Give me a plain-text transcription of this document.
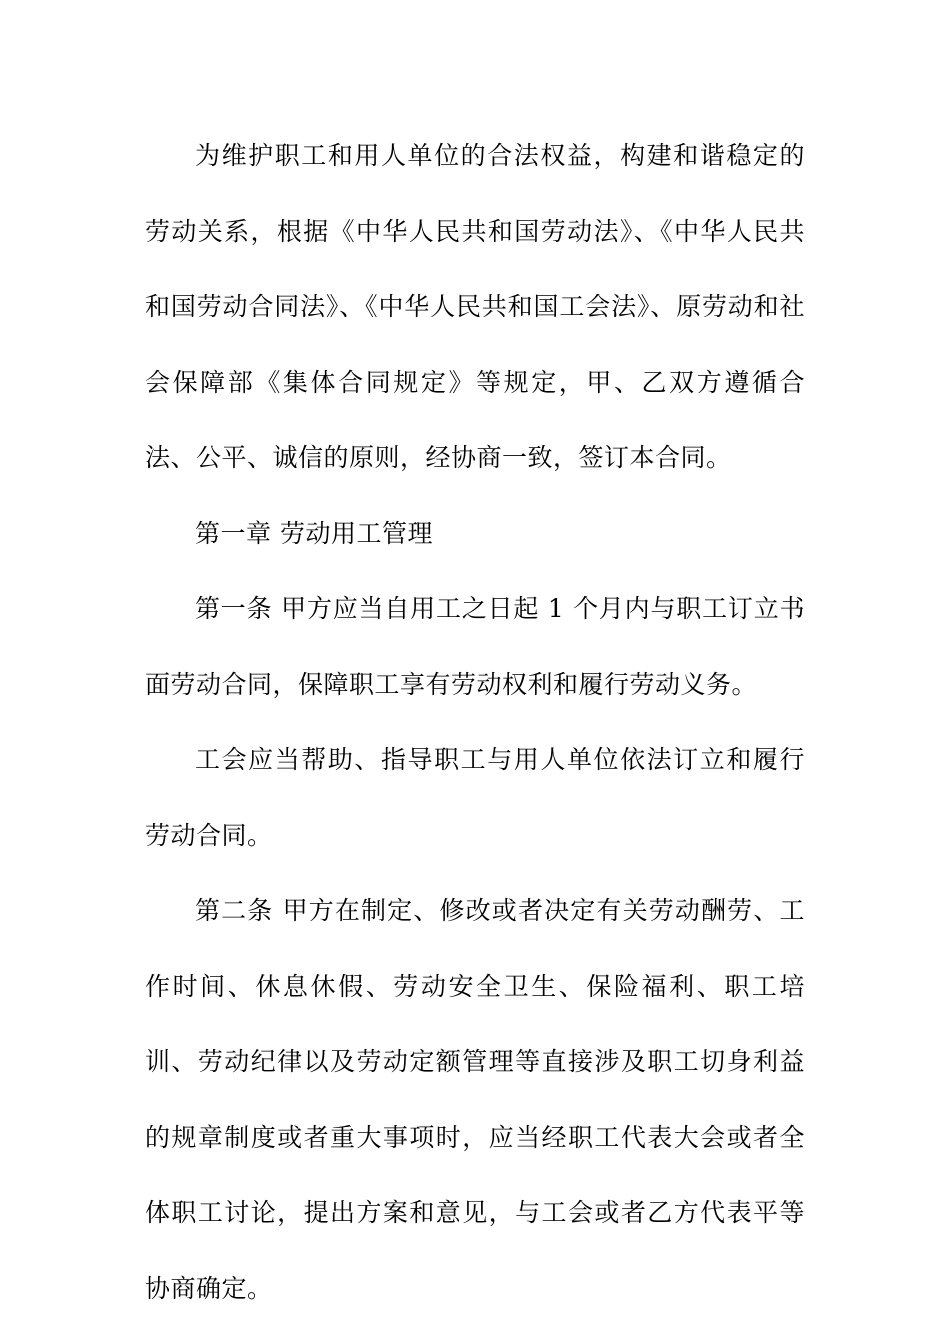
为维护职工和用人单位的合法权益，构建和谐稳定的劳动关系，根据《中华人民共和国劳动法》、《中华人民共和国劳动合同法》、《中华人民共和国工会法》、原劳动和社会保障部《集体合同规定》等规定，甲、乙双方遵循合法、公平、诚信的原则，经协商一致，签订本合同。

第一章 劳动用工管理

第一条 甲方应当自用工之日起 1 个月内与职工订立书面劳动合同，保障职工享有劳动权利和履行劳动义务。

工会应当帮助、指导职工与用人单位依法订立和履行劳动合同。

第二条 甲方在制定、修改或者决定有关劳动酬劳、工作时间、休息休假、劳动安全卫生、保险福利、职工培训、劳动纪律以及劳动定额管理等直接涉及职工切身利益的规章制度或者重大事项时，应当经职工代表大会或者全体职工讨论，提出方案和意见，与工会或者乙方代表平等协商确定。
